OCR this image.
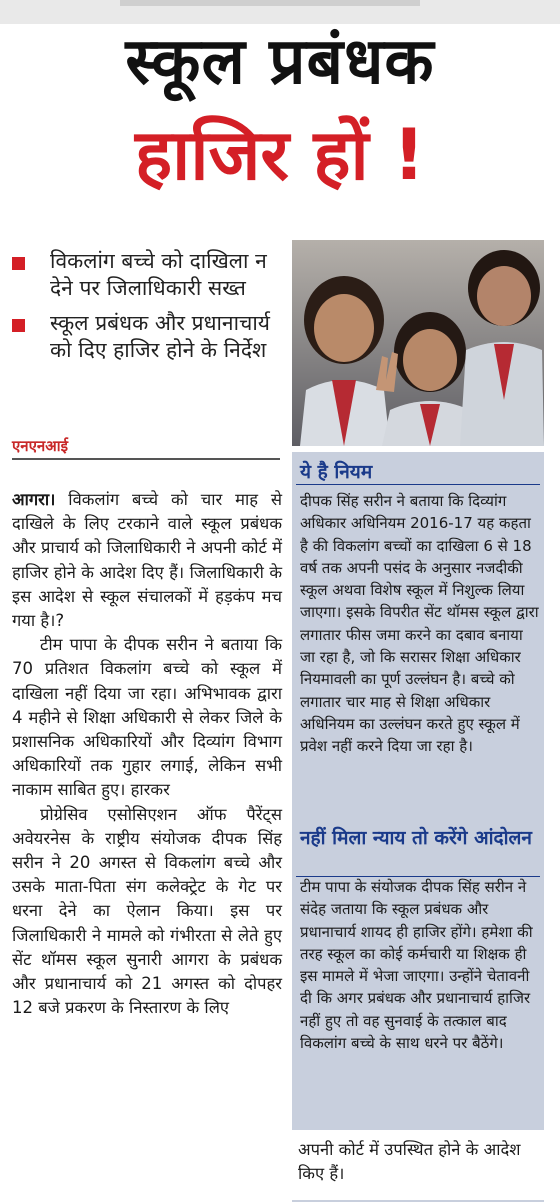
स्कूल प्रबंधक
हाजिर हों !
विकलांग बच्चे को दाखिला न देने पर जिलाधिकारी सख्त
स्कूल प्रबंधक और प्रधानाचार्य को दिए हाजिर होने के निर्देश
एनएनआई

आगरा। विकलांग बच्चे को चार माह से दाखिले के लिए टरकाने वाले स्कूल प्रबंधक और प्राचार्य को जिलाधिकारी ने अपनी कोर्ट में हाजिर होने के आदेश दिए हैं। जिलाधिकारी के इस आदेश से स्कूल संचालकों में हड़कंप मच गया है।?

टीम पापा के दीपक सरीन ने बताया कि 70 प्रतिशत विकलांग बच्चे को स्कूल में दाखिला नहीं दिया जा रहा। अभिभावक द्वारा 4 महीने से शिक्षा अधिकारी से लेकर जिले के प्रशासनिक अधिकारियों और दिव्यांग विभाग अधिकारियों तक गुहार लगाई, लेकिन सभी नाकाम साबित हुए। हारकर

प्रोग्रेसिव एसोसिएशन ऑफ पैरेंट्स अवेयरनेस के राष्ट्रीय संयोजक दीपक सिंह सरीन ने 20 अगस्त से विकलांग बच्चे और उसके माता-पिता संग कलेक्ट्रेट के गेट पर धरना देने का ऐलान किया। इस पर जिलाधिकारी ने मामले को गंभीरता से लेते हुए सेंट थॉमस स्कूल सुनारी आगरा के प्रबंधक और प्रधानाचार्य को 21 अगस्त को दोपहर 12 बजे प्रकरण के निस्तारण के लिए

ये है नियम
दीपक सिंह सरीन ने बताया कि दिव्यांग अधिकार अधिनियम 2016-17 यह कहता है की विकलांग बच्चों का दाखिला 6 से 18 वर्ष तक अपनी पसंद के अनुसार नजदीकी स्कूल अथवा विशेष स्कूल में निशुल्क लिया जाएगा। इसके विपरीत सेंट थॉमस स्कूल द्वारा लगातार फीस जमा करने का दबाव बनाया जा रहा है, जो कि सरासर शिक्षा अधिकार नियमावली का पूर्ण उल्लंघन है। बच्चे को लगातार चार माह से शिक्षा अधिकार अधिनियम का उल्लंघन करते हुए स्कूल में प्रवेश नहीं करने दिया जा रहा है।
नहीं मिला न्याय तो करेंगे आंदोलन
टीम पापा के संयोजक दीपक सिंह सरीन ने संदेह जताया कि स्कूल प्रबंधक और प्रधानाचार्य शायद ही हाजिर होंगे। हमेशा की तरह स्कूल का कोई कर्मचारी या शिक्षक ही इस मामले में भेजा जाएगा। उन्होंने चेतावनी दी कि अगर प्रबंधक और प्रधानाचार्य हाजिर नहीं हुए तो वह सुनवाई के तत्काल बाद विकलांग बच्चे के साथ धरने पर बैठेंगे।
अपनी कोर्ट में उपस्थित होने के आदेश किए हैं।
